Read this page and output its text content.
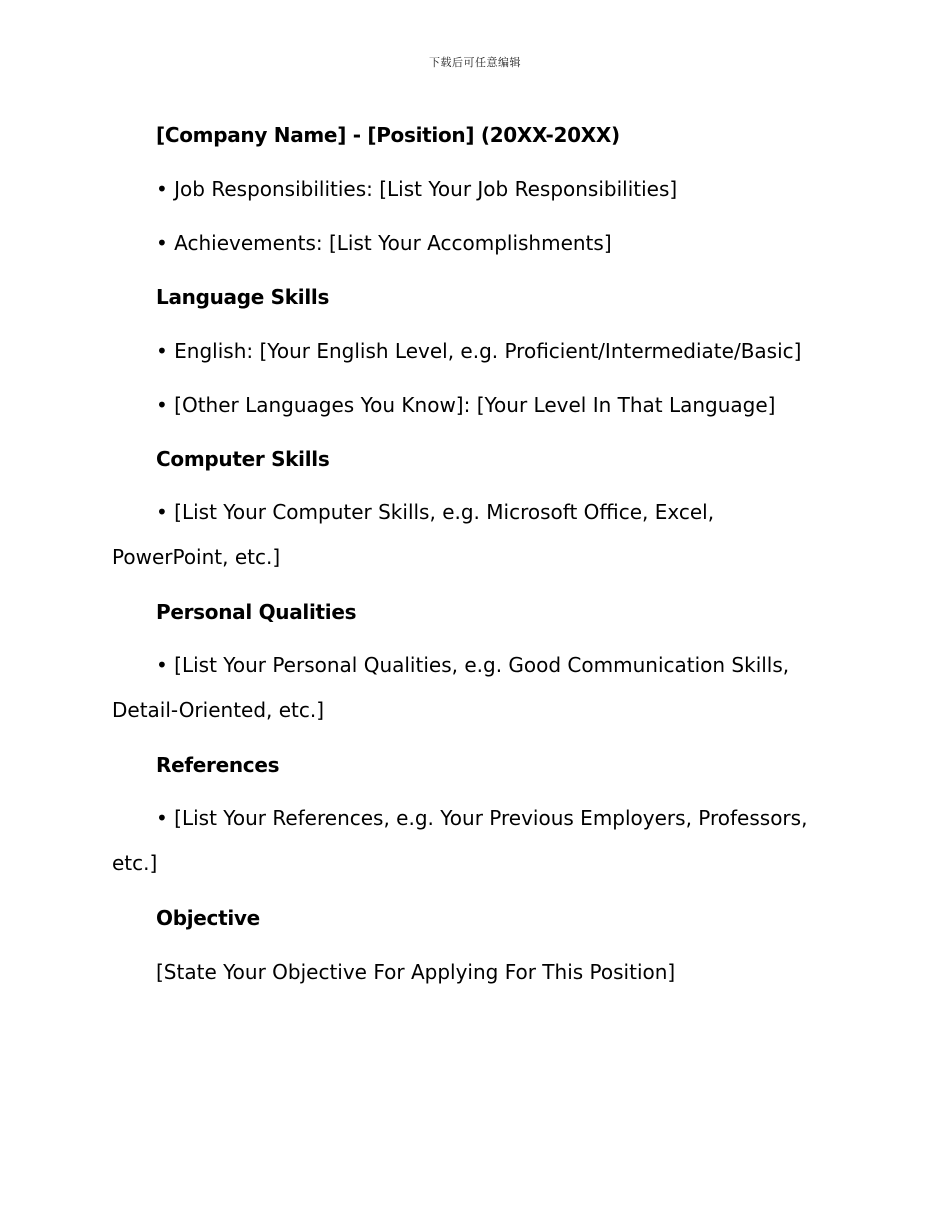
下载后可任意编辑
[Company Name] - [Position] (20XX-20XX)
• Job Responsibilities: [List Your Job Responsibilities]
• Achievements: [List Your Accomplishments]
Language Skills
• English: [Your English Level, e.g. Proficient/Intermediate/Basic]
• [Other Languages You Know]: [Your Level In That Language]
Computer Skills
• [List Your Computer Skills, e.g. Microsoft Office, Excel, PowerPoint, etc.]
Personal Qualities
• [List Your Personal Qualities, e.g. Good Communication Skills, Detail-Oriented, etc.]
References
• [List Your References, e.g. Your Previous Employers, Professors, etc.]
Objective
[State Your Objective For Applying For This Position]
